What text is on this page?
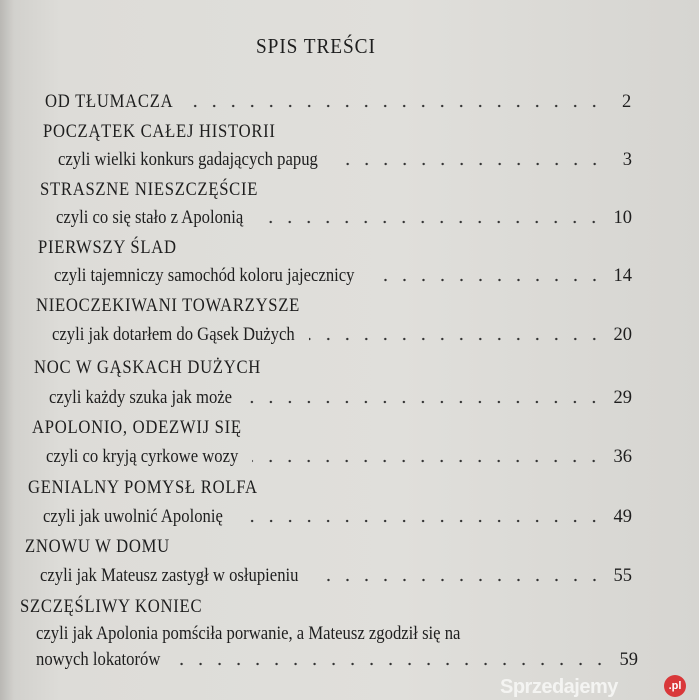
SPIS TREŚCI
OD TŁUMACZA	2
POCZĄTEK CAŁEJ HISTORII
czyli wielki konkurs gadających papug	3
STRASZNE NIESZCZĘŚCIE
czyli co się stało z Apolonią	10
PIERWSZY ŚLAD
czyli tajemniczy samochód koloru jajecznicy	14
NIEOCZEKIWANI TOWARZYSZE
czyli jak dotarłem do Gąsek Dużych	20
NOC W GĄSKACH DUŻYCH
czyli każdy szuka jak może	29
APOLONIO, ODEZWIJ SIĘ
czyli co kryją cyrkowe wozy	36
GENIALNY POMYSŁ ROLFA
czyli jak uwolnić Apolonię	49
ZNOWU W DOMU
czyli jak Mateusz zastygł w osłupieniu	55
SZCZĘŚLIWY KONIEC
czyli jak Apolonia pomściła porwanie, a Mateusz zgodził się na
nowych lokatorów	59
Sprzedajemy	.pl
